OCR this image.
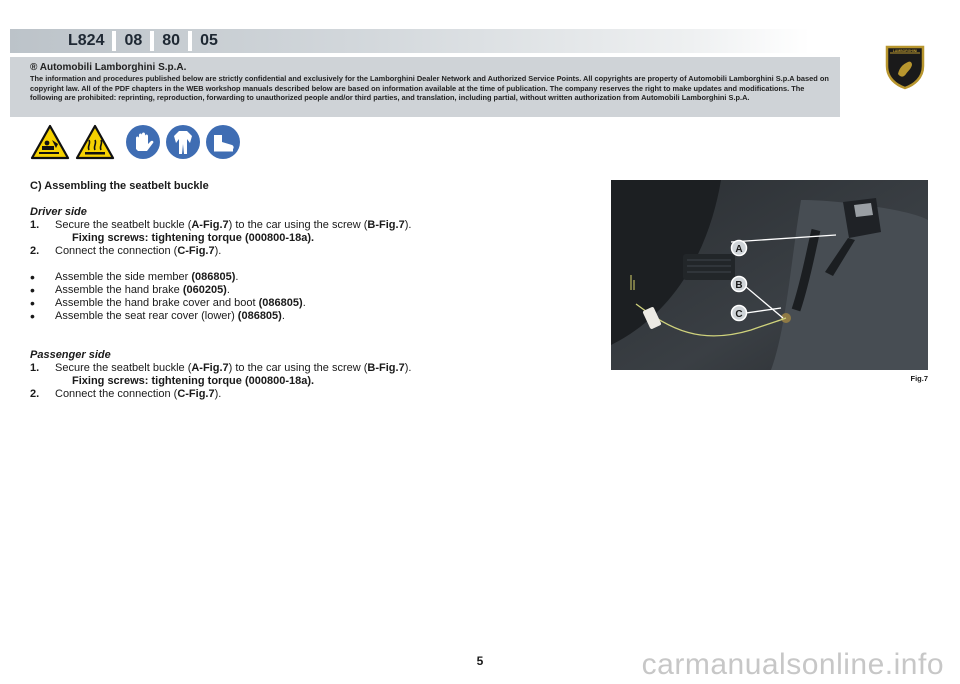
L824 08 80 05
LAMBORGHINI
® Automobili Lamborghini S.p.A.
The information and procedures published below are strictly confidential and exclusively for the Lamborghini Dealer Network and Authorized Service Points. All copyrights are property of Automobili Lamborghini S.p.A based on copyright law. All of the PDF chapters in the WEB workshop manuals described below are based on information available at the time of publication. The company reserves the right to make updates and modifications. The following are prohibited: reprinting, reproduction, forwarding to unauthorized people and/or third parties, and translation, including partial, without written authorization from Automobili Lamborghini S.p.A.
C) Assembling the seatbelt buckle
Driver side
1.	Secure the seatbelt buckle (A-Fig.7) to the car using the screw (B-Fig.7).
Fixing screws: tightening torque (000800-18a).
2.	Connect the connection (C-Fig.7).
•	Assemble the side member (086805).
•	Assemble the hand brake (060205).
•	Assemble the hand brake cover and boot (086805).
•	Assemble the seat rear cover (lower) (086805).
Passenger side
1.	Secure the seatbelt buckle (A-Fig.7) to the car using the screw (B-Fig.7).
Fixing screws: tightening torque (000800-18a).
2.	Connect the connection (C-Fig.7).
A
B
C
Fig.7
5	carmanualsonline.info
